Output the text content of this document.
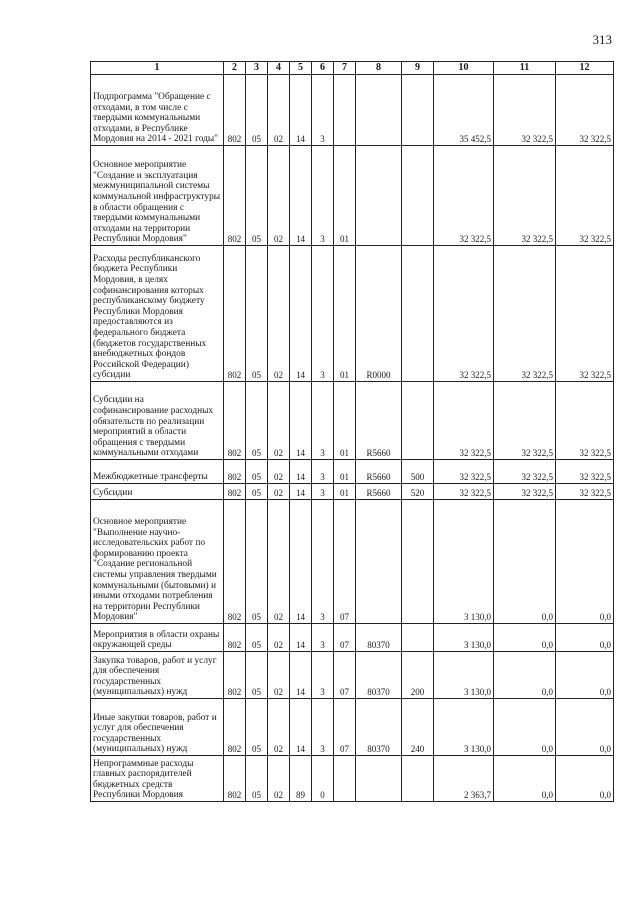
313
1	2	3	4	5	6	7	8	9	10	11	12
Подпрограмма "Обращение с отходами, в том числе с твердыми коммунальными отходами, в Республике Мордовия на 2014 - 2021 годы"	802	05	02	14	3				35 452,5	32 322,5	32 322,5
Основное мероприятие "Создание и эксплуатация межмуниципальной системы коммунальной инфраструктуры в области обращения с твердыми коммунальными отходами на территории Республики Мордовия"	802	05	02	14	3	01			32 322,5	32 322,5	32 322,5
Расходы республиканского бюджета Республики Мордовия, в целях софинансирования которых республиканскому бюджету Республики Мордовия предоставляются из федерального бюджета (бюджетов государственных внебюджетных фондов Российской Федерации) субсидии	802	05	02	14	3	01	R0000		32 322,5	32 322,5	32 322,5
Субсидии на софинансирование расходных обязательств по реализации мероприятий в области обращения с твердыми коммунальными отходами	802	05	02	14	3	01	R5660		32 322,5	32 322,5	32 322,5
Межбюджетные трансферты	802	05	02	14	3	01	R5660	500	32 322,5	32 322,5	32 322,5
Субсидии	802	05	02	14	3	01	R5660	520	32 322,5	32 322,5	32 322,5
Основное мероприятие "Выполнение научно-исследовательских работ по формированию проекта "Создание региональной системы управления твердыми коммунальными (бытовыми) и иными отходами потребления на территории Республики Мордовия"	802	05	02	14	3	07			3 130,0	0,0	0,0
Мероприятия в области охраны окружающей среды	802	05	02	14	3	07	80370		3 130,0	0,0	0,0
Закупка товаров, работ и услуг для обеспечения государственных (муниципальных) нужд	802	05	02	14	3	07	80370	200	3 130,0	0,0	0,0
Иные закупки товаров, работ и услуг для обеспечения государственных (муниципальных) нужд	802	05	02	14	3	07	80370	240	3 130,0	0,0	0,0
Непрограммные расходы главных распорядителей бюджетных средств Республики Мордовия	802	05	02	89	0				2 363,7	0,0	0,0
